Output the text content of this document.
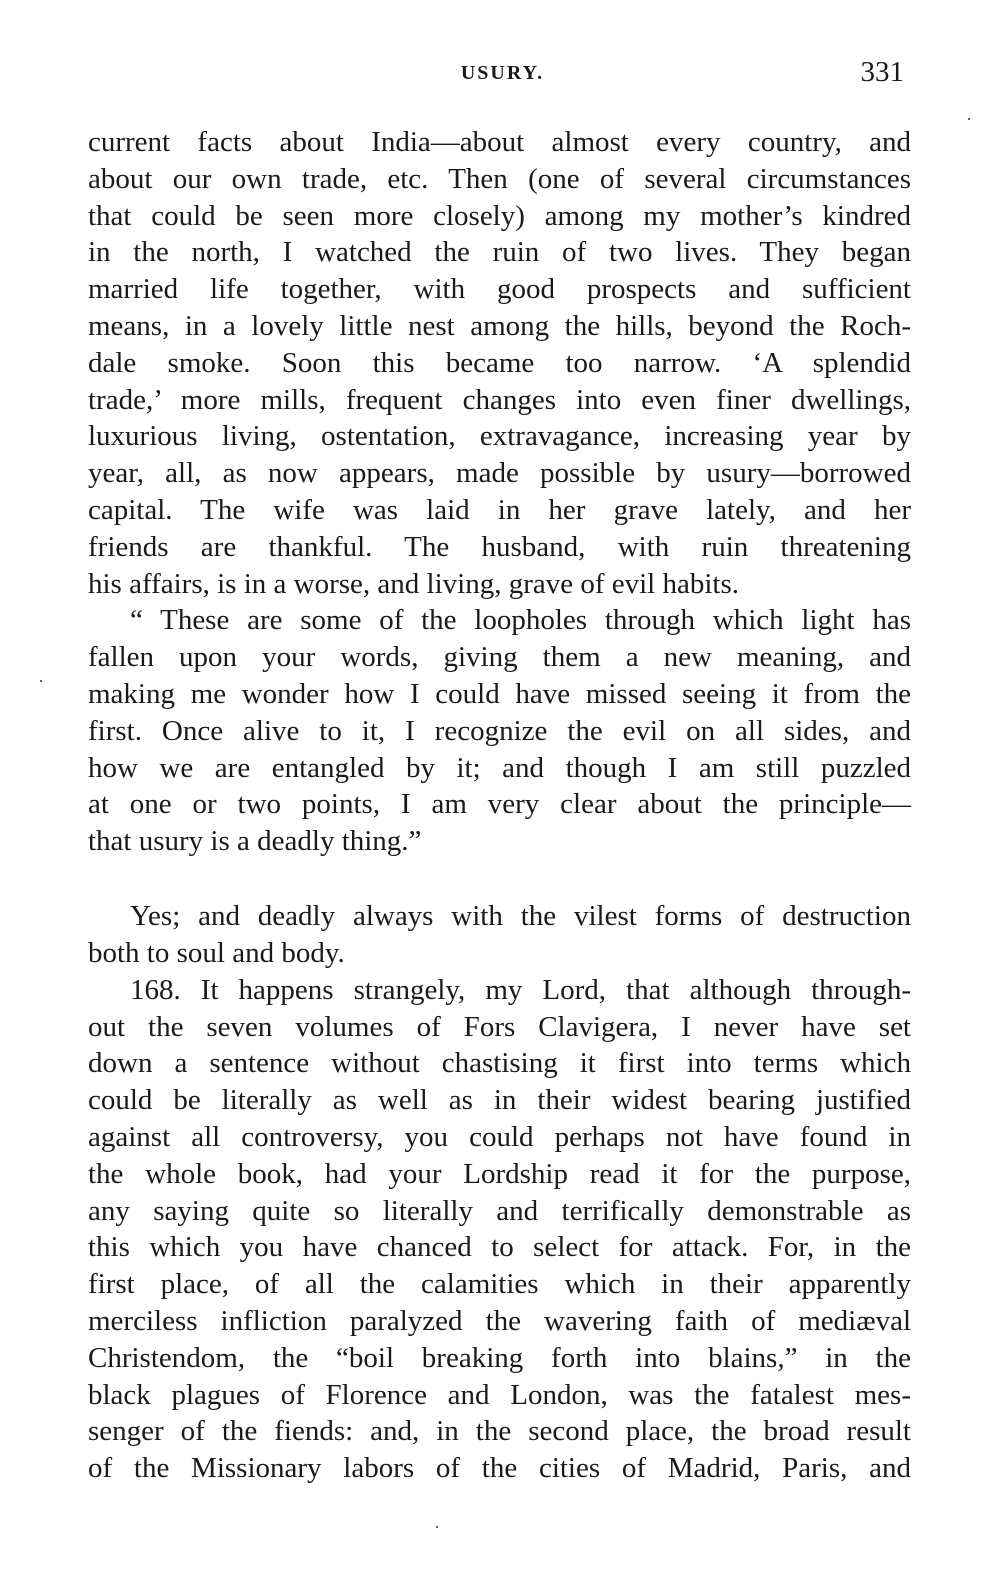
USURY.	331
current facts about India—about almost every country, and
about our own trade, etc. Then (one of several circumstances
that could be seen more closely) among my mother’s kindred
in the north, I watched the ruin of two lives. They began
married life together, with good prospects and sufficient
means, in a lovely little nest among the hills, beyond the Roch-
dale smoke. Soon this became too narrow. ‘A splendid
trade,’ more mills, frequent changes into even finer dwellings,
luxurious living, ostentation, extravagance, increasing year by
year, all, as now appears, made possible by usury—borrowed
capital. The wife was laid in her grave lately, and her
friends are thankful. The husband, with ruin threatening
his affairs, is in a worse, and living, grave of evil habits.
“ These are some of the loopholes through which light has
fallen upon your words, giving them a new meaning, and
making me wonder how I could have missed seeing it from the
first. Once alive to it, I recognize the evil on all sides, and
how we are entangled by it; and though I am still puzzled
at one or two points, I am very clear about the principle—
that usury is a deadly thing.”
Yes; and deadly always with the vilest forms of destruction
both to soul and body.
168. It happens strangely, my Lord, that although through-
out the seven volumes of Fors Clavigera, I never have set
down a sentence without chastising it first into terms which
could be literally as well as in their widest bearing justified
against all controversy, you could perhaps not have found in
the whole book, had your Lordship read it for the purpose,
any saying quite so literally and terrifically demonstrable as
this which you have chanced to select for attack. For, in the
first place, of all the calamities which in their apparently
merciless infliction paralyzed the wavering faith of mediæval
Christendom, the “boil breaking forth into blains,” in the
black plagues of Florence and London, was the fatalest mes-
senger of the fiends: and, in the second place, the broad result
of the Missionary labors of the cities of Madrid, Paris, and
